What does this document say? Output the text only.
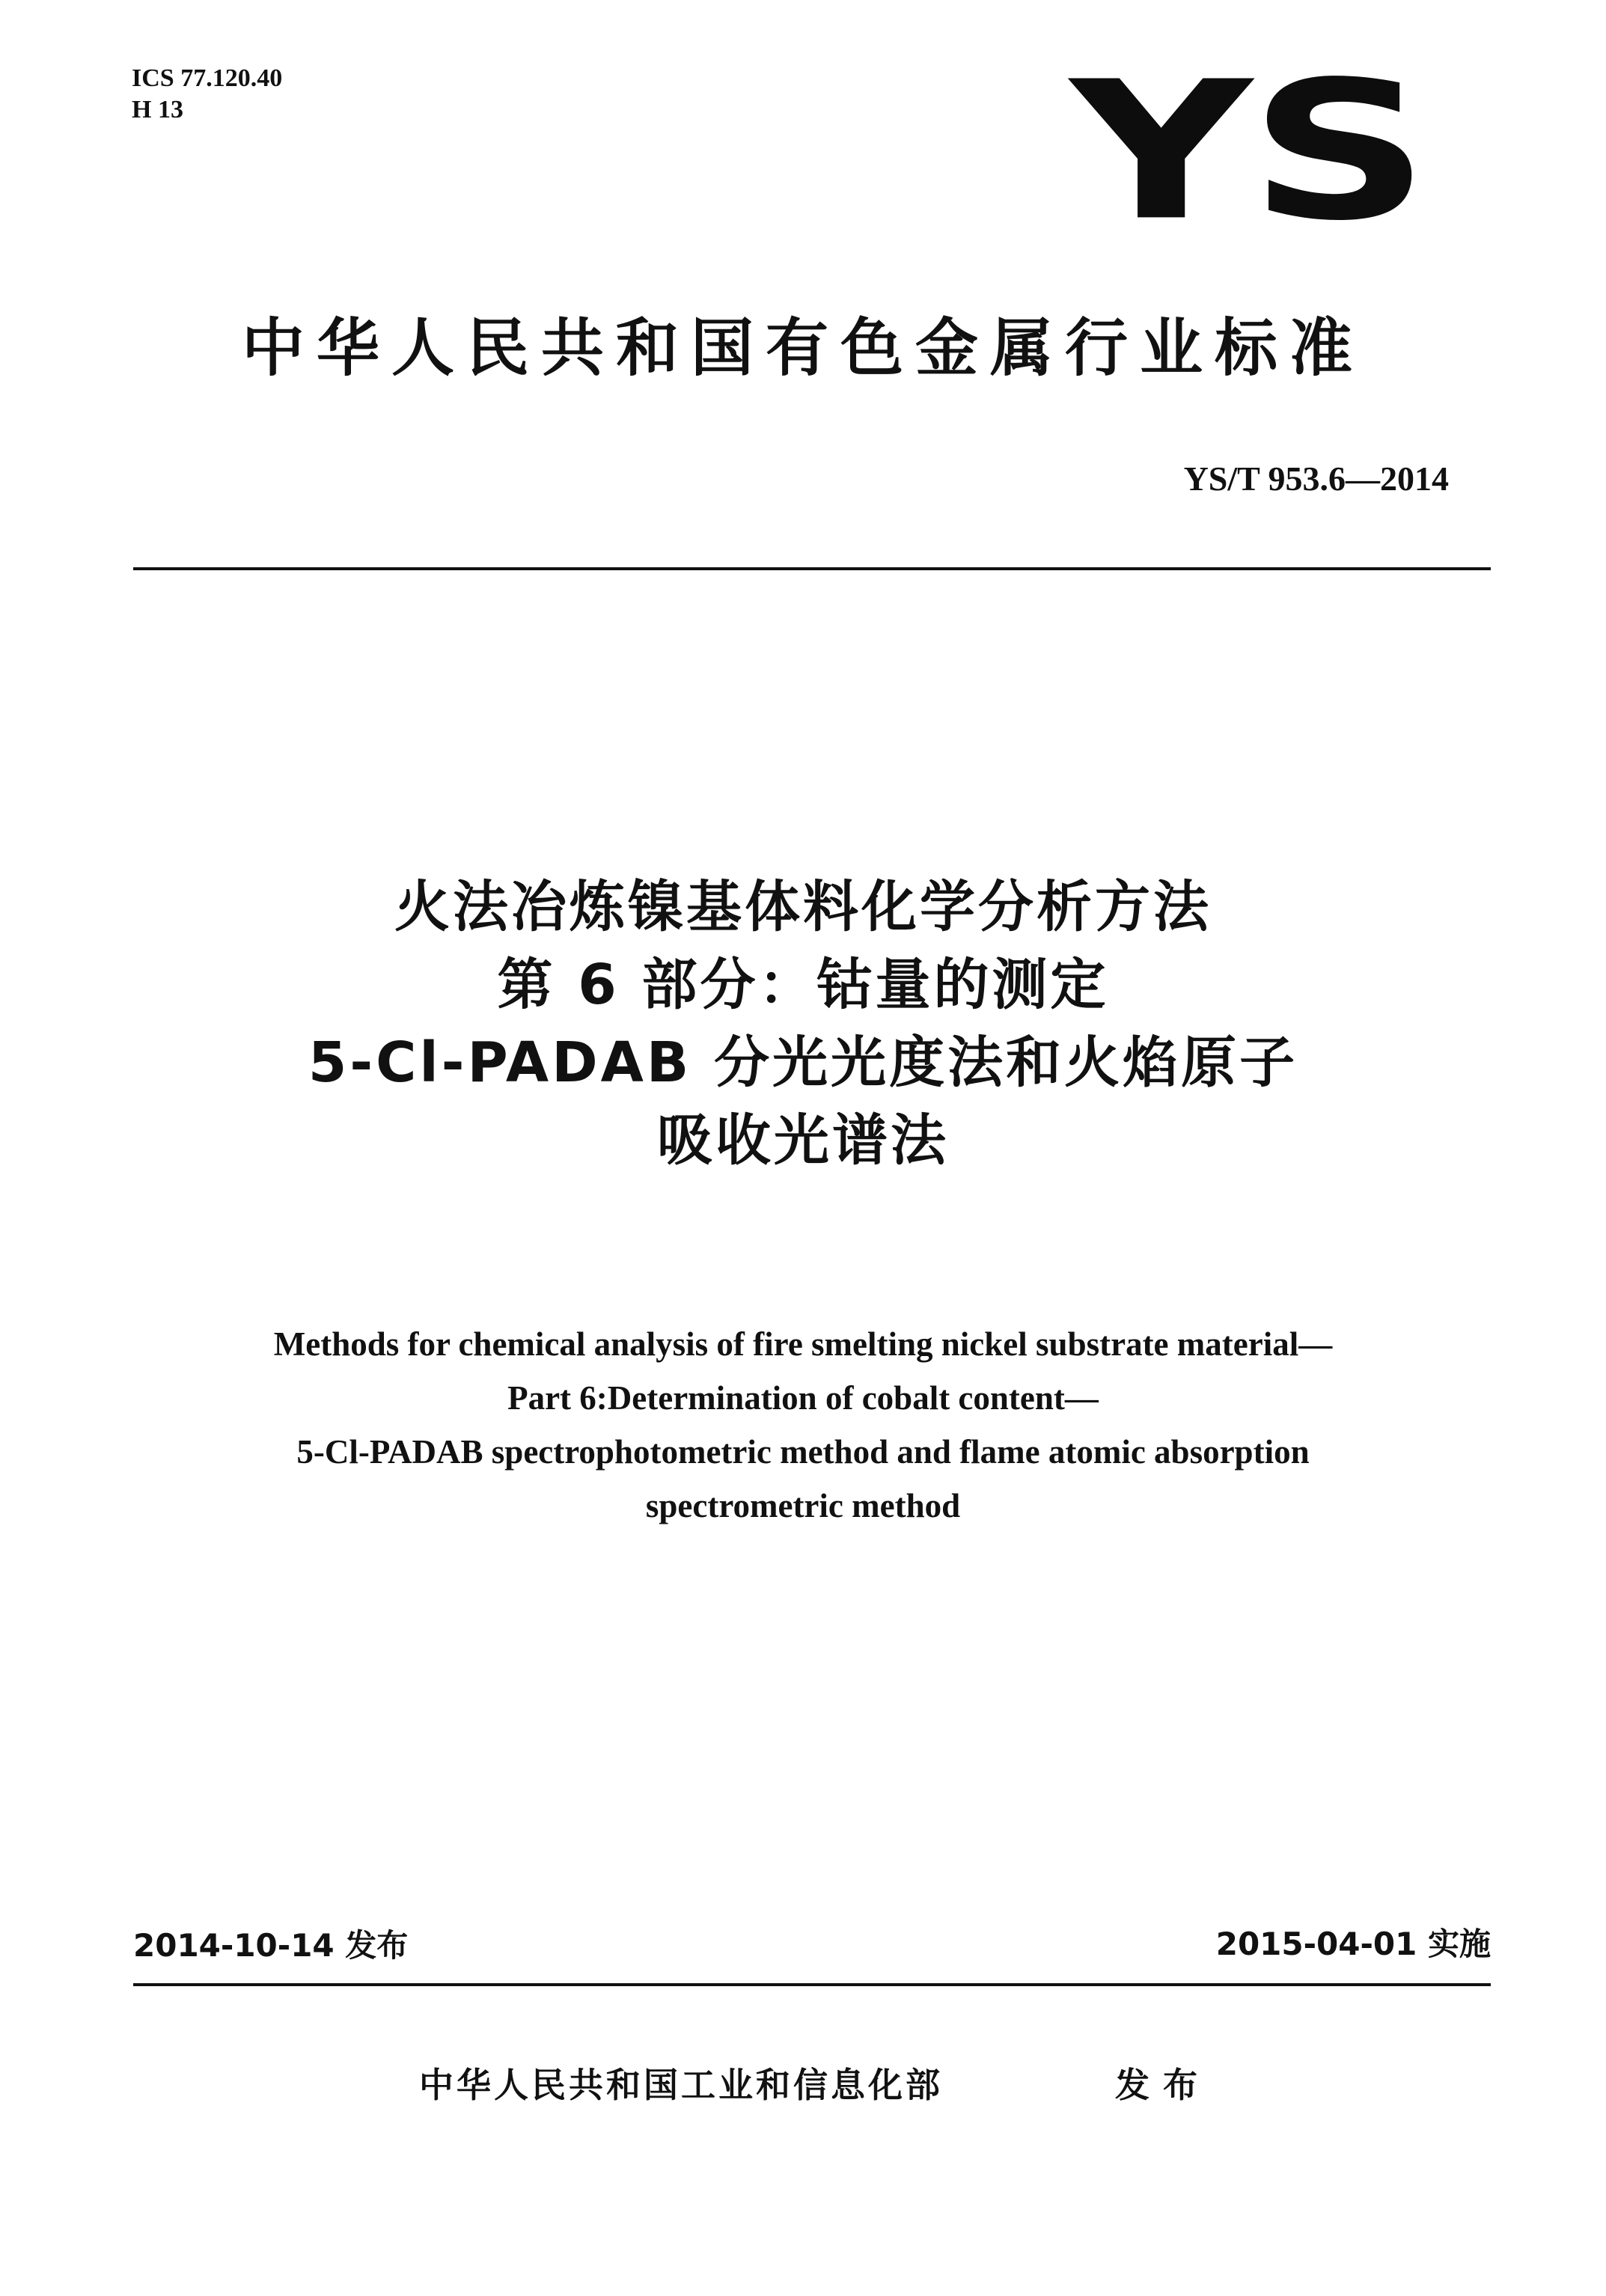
ICS 77.120.40
H 13	YS
中华人民共和国有色金属行业标准
YS/T 953.6—2014
火法冶炼镍基体料化学分析方法
第 6 部分：钴量的测定
5-Cl-PADAB 分光光度法和火焰原子
吸收光谱法
Methods for chemical analysis of fire smelting nickel substrate material—
Part 6:Determination of cobalt content—
5-Cl-PADAB spectrophotometric method and flame atomic absorption
spectrometric method
2014-10-14 发布	2015-04-01 实施
中华人民共和国工业和信息化部	发布
